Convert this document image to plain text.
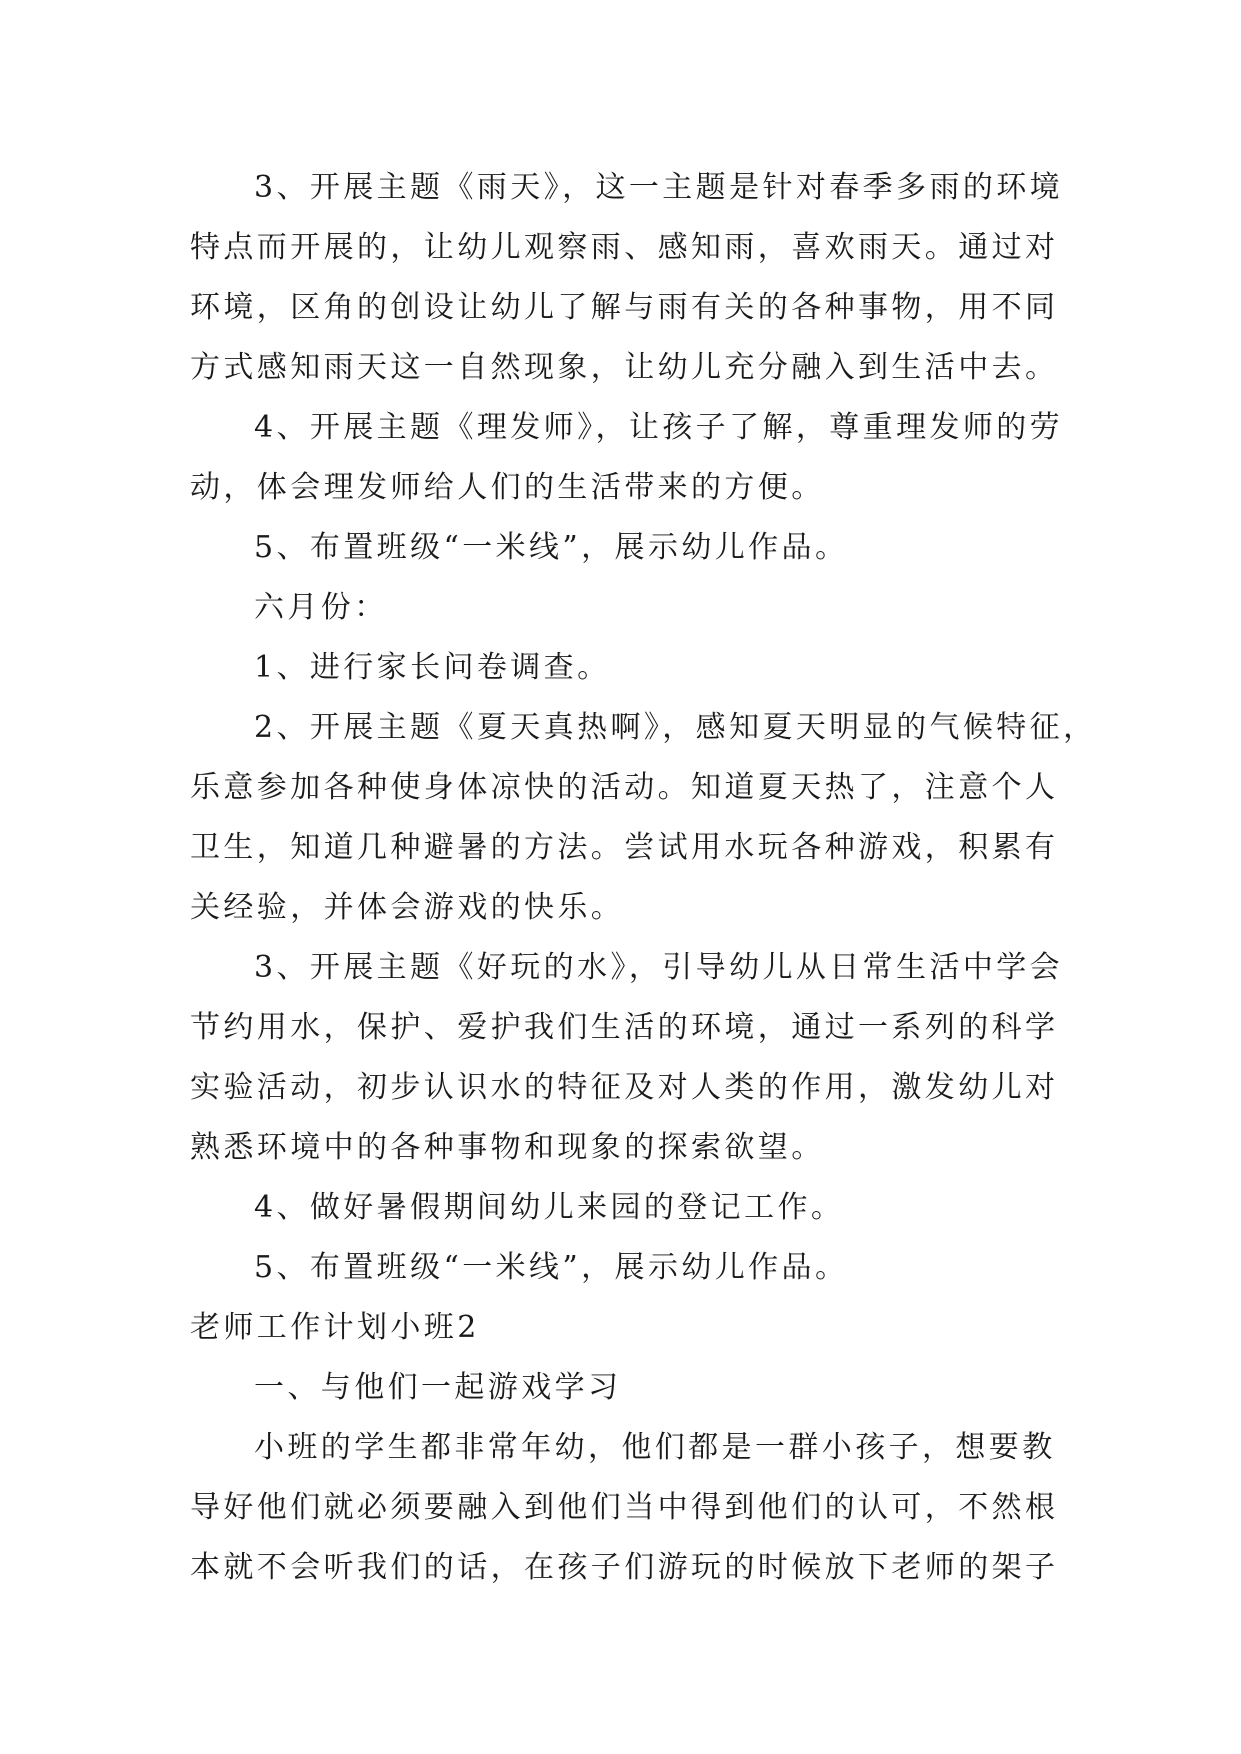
3、开展主题《雨天》，这一主题是针对春季多雨的环境
特点而开展的，让幼儿观察雨、感知雨，喜欢雨天。通过对
环境，区角的创设让幼儿了解与雨有关的各种事物，用不同
方式感知雨天这一自然现象，让幼儿充分融入到生活中去。
4、开展主题《理发师》，让孩子了解，尊重理发师的劳
动，体会理发师给人们的生活带来的方便。
5、布置班级“一米线”，展示幼儿作品。
六月份：
1、进行家长问卷调查。
2、开展主题《夏天真热啊》，感知夏天明显的气候特征，
乐意参加各种使身体凉快的活动。知道夏天热了，注意个人
卫生，知道几种避暑的方法。尝试用水玩各种游戏，积累有
关经验，并体会游戏的快乐。
3、开展主题《好玩的水》，引导幼儿从日常生活中学会
节约用水，保护、爱护我们生活的环境，通过一系列的科学
实验活动，初步认识水的特征及对人类的作用，激发幼儿对
熟悉环境中的各种事物和现象的探索欲望。
4、做好暑假期间幼儿来园的登记工作。
5、布置班级“一米线”，展示幼儿作品。
老师工作计划小班2
一、与他们一起游戏学习
小班的学生都非常年幼，他们都是一群小孩子，想要教
导好他们就必须要融入到他们当中得到他们的认可，不然根
本就不会听我们的话，在孩子们游玩的时候放下老师的架子
